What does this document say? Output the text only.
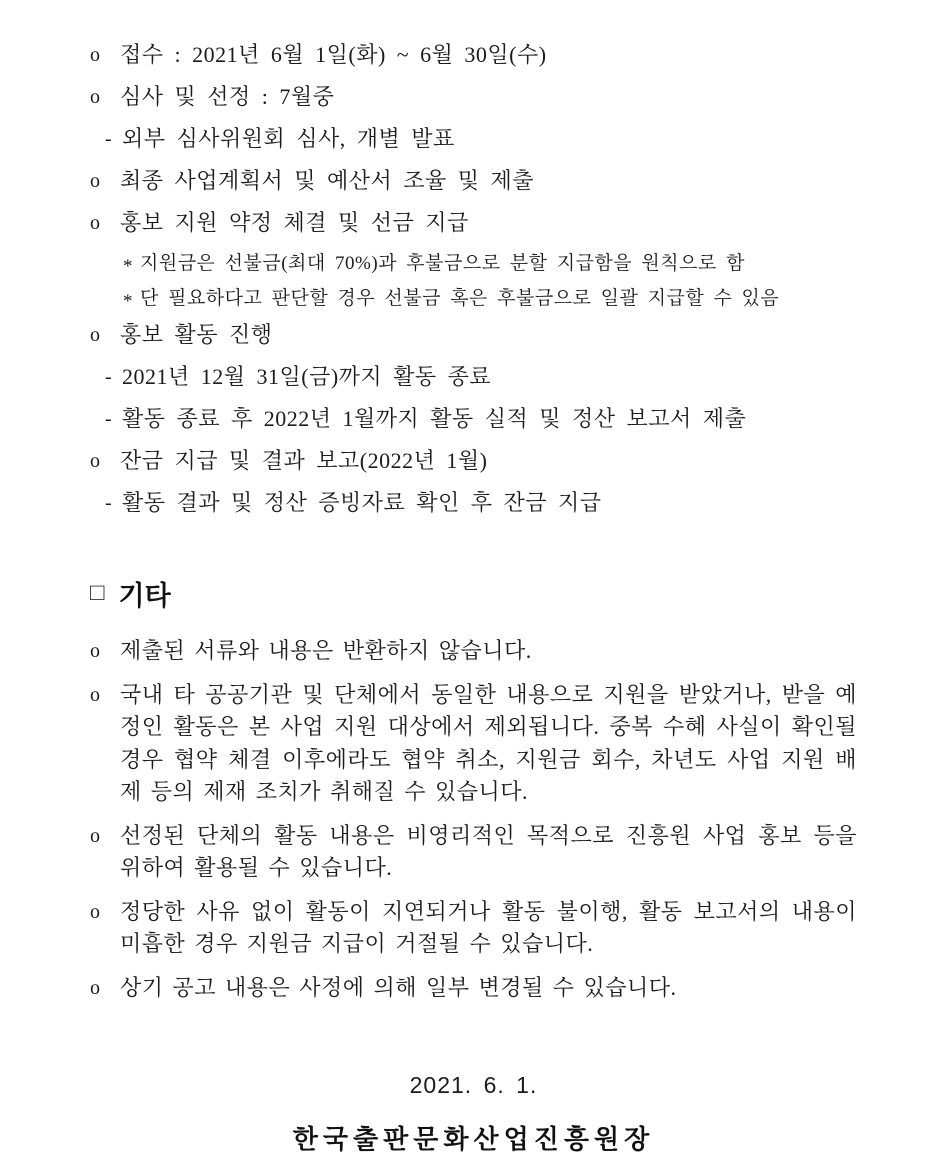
o 접수 : 2021년 6월 1일(화) ~ 6월 30일(수)
o 심사 및 선정 : 7월중
- 외부 심사위원회 심사, 개별 발표
o 최종 사업계획서 및 예산서 조율 및 제출
o 홍보 지원 약정 체결 및 선금 지급
* 지원금은 선불금(최대 70%)과 후불금으로 분할 지급함을 원칙으로 함
* 단 필요하다고 판단할 경우 선불금 혹은 후불금으로 일괄 지급할 수 있음
o 홍보 활동 진행
- 2021년 12월 31일(금)까지 활동 종료
- 활동 종료 후 2022년 1월까지 활동 실적 및 정산 보고서 제출
o 잔금 지급 및 결과 보고(2022년 1월)
- 활동 결과 및 정산 증빙자료 확인 후 잔금 지급
□ 기타
o 제출된 서류와 내용은 반환하지 않습니다.
o 국내 타 공공기관 및 단체에서 동일한 내용으로 지원을 받았거나, 받을 예정인 활동은 본 사업 지원 대상에서 제외됩니다. 중복 수혜 사실이 확인될 경우 협약 체결 이후에라도 협약 취소, 지원금 회수, 차년도 사업 지원 배제 등의 제재 조치가 취해질 수 있습니다.
o 선정된 단체의 활동 내용은 비영리적인 목적으로 진흥원 사업 홍보 등을 위하여 활용될 수 있습니다.
o 정당한 사유 없이 활동이 지연되거나 활동 불이행, 활동 보고서의 내용이 미흡한 경우 지원금 지급이 거절될 수 있습니다.
o 상기 공고 내용은 사정에 의해 일부 변경될 수 있습니다.
2021. 6. 1.
한국출판문화산업진흥원장
